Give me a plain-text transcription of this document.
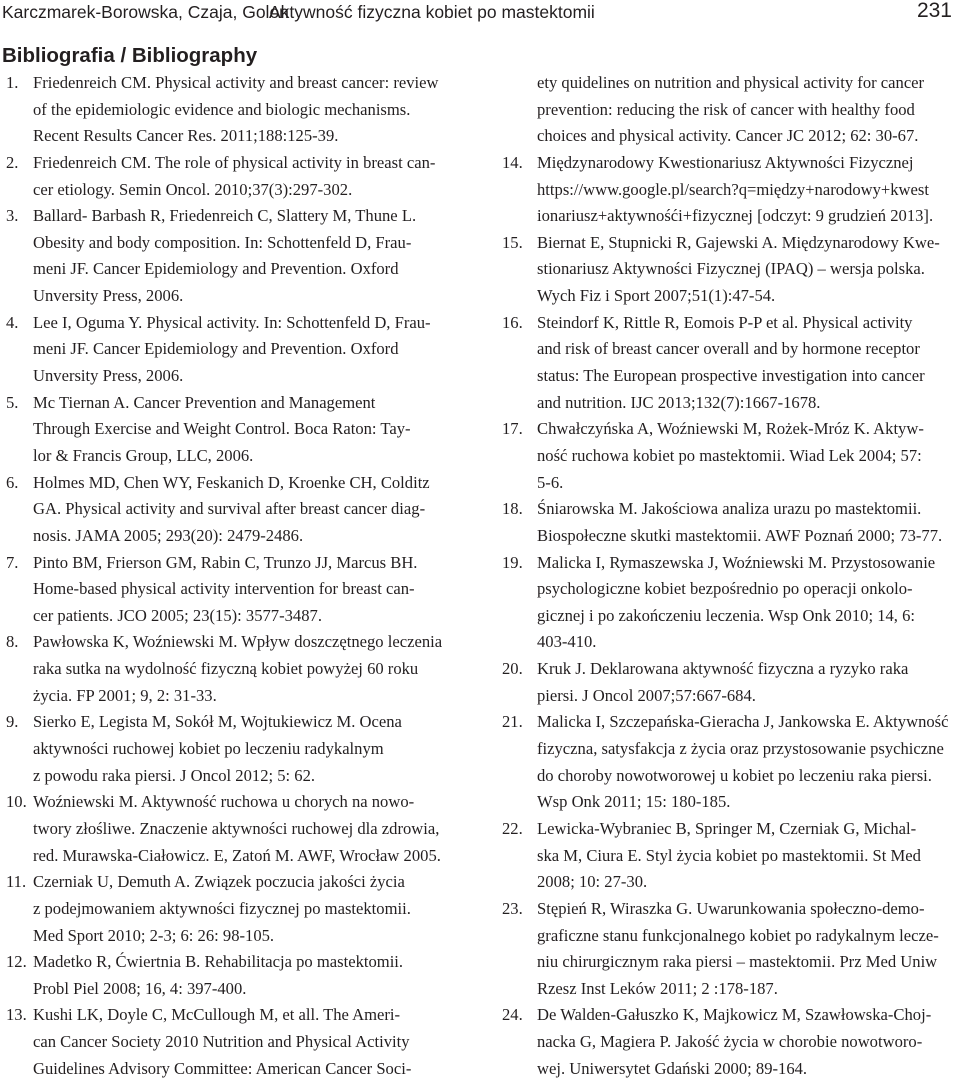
Karczmarek-Borowska, Czaja, Golon
Aktywność fizyczna kobiet po mastektomii	231
Bibliografia / Bibliography
1. Friedenreich CM. Physical activity and breast cancer: review
of the epidemiologic evidence and biologic mechanisms.
Recent Results Cancer Res. 2011;188:125-39.
2. Friedenreich CM. The role of physical activity in breast can-
cer etiology. Semin Oncol. 2010;37(3):297-302.
3. Ballard- Barbash R, Friedenreich C, Slattery M, Thune L.
Obesity and body composition. In: Schottenfeld D, Frau-
meni JF. Cancer Epidemiology and Prevention. Oxford
Unversity Press, 2006.
4. Lee I, Oguma Y. Physical activity. In: Schottenfeld D, Frau-
meni JF. Cancer Epidemiology and Prevention. Oxford
Unversity Press, 2006.
5. Mc Tiernan A. Cancer Prevention and Management
Through Exercise and Weight Control. Boca Raton: Tay-
lor & Francis Group, LLC, 2006.
6. Holmes MD, Chen WY, Feskanich D, Kroenke CH, Colditz
GA. Physical activity and survival after breast cancer diag-
nosis. JAMA 2005; 293(20): 2479-2486.
7. Pinto BM, Frierson GM, Rabin C, Trunzo JJ, Marcus BH.
Home-based physical activity intervention for breast can-
cer patients. JCO 2005; 23(15): 3577-3487.
8. Pawłowska K, Woźniewski M. Wpływ doszczętnego leczenia
raka sutka na wydolność fizyczną kobiet powyżej 60 roku
życia. FP 2001; 9, 2: 31-33.
9. Sierko E, Legista M, Sokół M, Wojtukiewicz M. Ocena
aktywności ruchowej kobiet po leczeniu radykalnym
z powodu raka piersi. J Oncol 2012; 5: 62.
10. Woźniewski M. Aktywność ruchowa u chorych na nowo-
twory złośliwe. Znaczenie aktywności ruchowej dla zdrowia,
red. Murawska-Ciałowicz. E, Zatoń M. AWF, Wrocław 2005.
11. Czerniak U, Demuth A. Związek poczucia jakości życia
z podejmowaniem aktywności fizycznej po mastektomii.
Med Sport 2010; 2-3; 6: 26: 98-105.
12. Madetko R, Ćwiertnia B. Rehabilitacja po mastektomii.
Probl Piel 2008; 16, 4: 397-400.
13. Kushi LK, Doyle C, McCullough M, et all. The Ameri-
can Cancer Society 2010 Nutrition and Physical Activity
Guidelines Advisory Committee: American Cancer Soci-
ety quidelines on nutrition and physical activity for cancer
prevention: reducing the risk of cancer with healthy food
choices and physical activity. Cancer JC 2012; 62: 30-67.
14. Międzynarodowy Kwestionariusz Aktywności Fizycznej
https://www.google.pl/search?q=między+narodowy+kwest
ionariusz+aktywnośći+fizycznej [odczyt: 9 grudzień 2013].
15. Biernat E, Stupnicki R, Gajewski A. Międzynarodowy Kwe-
stionariusz Aktywności Fizycznej (IPAQ) – wersja polska.
Wych Fiz i Sport 2007;51(1):47-54.
16. Steindorf K, Rittle R, Eomois P-P et al. Physical activity
and risk of breast cancer overall and by hormone receptor
status: The European prospective investigation into cancer
and nutrition. IJC 2013;132(7):1667-1678.
17. Chwałczyńska A, Woźniewski M, Rożek-Mróz K. Aktyw-
ność ruchowa kobiet po mastektomii. Wiad Lek 2004; 57:
5-6.
18. Śniarowska M. Jakościowa analiza urazu po mastektomii.
Biospołeczne skutki mastektomii. AWF Poznań 2000; 73-77.
19. Malicka I, Rymaszewska J, Woźniewski M. Przystosowanie
psychologiczne kobiet bezpośrednio po operacji onkolo-
gicznej i po zakończeniu leczenia. Wsp Onk 2010; 14, 6:
403-410.
20. Kruk J. Deklarowana aktywność fizyczna a ryzyko raka
piersi. J Oncol 2007;57:667-684.
21. Malicka I, Szczepańska-Gieracha J, Jankowska E. Aktywność
fizyczna, satysfakcja z życia oraz przystosowanie psychiczne
do choroby nowotworowej u kobiet po leczeniu raka piersi.
Wsp Onk 2011; 15: 180-185.
22. Lewicka-Wybraniec B, Springer M, Czerniak G, Michal-
ska M, Ciura E. Styl życia kobiet po mastektomii. St Med
2008; 10: 27-30.
23. Stępień R, Wiraszka G. Uwarunkowania społeczno-demo-
graficzne stanu funkcjonalnego kobiet po radykalnym lecze-
niu chirurgicznym raka piersi – mastektomii. Prz Med Uniw
Rzesz Inst Leków 2011; 2 :178-187.
24. De Walden-Gałuszko K, Majkowicz M, Szawłowska-Choj-
nacka G, Magiera P. Jakość życia w chorobie nowotworo-
wej. Uniwersytet Gdański 2000; 89-164.
